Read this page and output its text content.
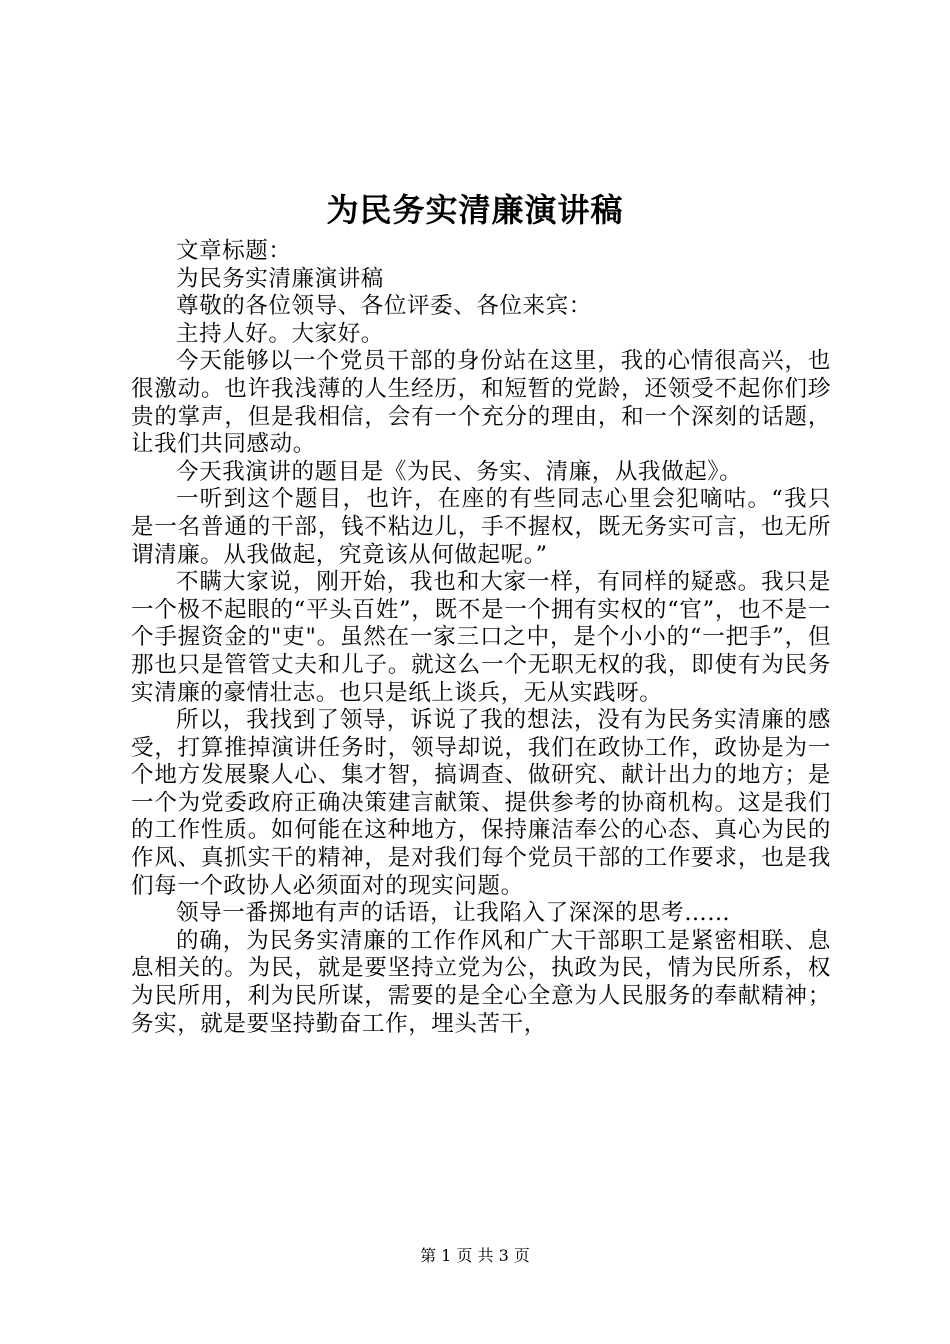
为民务实清廉演讲稿

文章标题：

为民务实清廉演讲稿

尊敬的各位领导、各位评委、各位来宾：

主持人好。大家好。

今天能够以一个党员干部的身份站在这里，我的心情很高兴，也很激动。也许我浅薄的人生经历，和短暂的党龄，还领受不起你们珍贵的掌声，但是我相信，会有一个充分的理由，和一个深刻的话题，让我们共同感动。

今天我演讲的题目是《为民、务实、清廉，从我做起》。

一听到这个题目，也许，在座的有些同志心里会犯嘀咕。“我只是一名普通的干部，钱不粘边儿，手不握权，既无务实可言，也无所谓清廉。从我做起，究竟该从何做起呢。”

不瞒大家说，刚开始，我也和大家一样，有同样的疑惑。我只是一个极不起眼的“平头百姓”，既不是一个拥有实权的“官”，也不是一个手握资金的"吏"。虽然在一家三口之中，是个小小的“一把手”，但那也只是管管丈夫和儿子。就这么一个无职无权的我，即使有为民务实清廉的豪情壮志。也只是纸上谈兵，无从实践呀。

所以，我找到了领导，诉说了我的想法，没有为民务实清廉的感受，打算推掉演讲任务时，领导却说，我们在政协工作，政协是为一个地方发展聚人心、集才智，搞调查、做研究、献计出力的地方；是一个为党委政府正确决策建言献策、提供参考的协商机构。这是我们的工作性质。如何能在这种地方，保持廉洁奉公的心态、真心为民的作风、真抓实干的精神，是对我们每个党员干部的工作要求，也是我们每一个政协人必须面对的现实问题。

领导一番掷地有声的话语，让我陷入了深深的思考……

的确，为民务实清廉的工作作风和广大干部职工是紧密相联、息息相关的。为民，就是要坚持立党为公，执政为民，情为民所系，权为民所用，利为民所谋，需要的是全心全意为人民服务的奉献精神；务实，就是要坚持勤奋工作，埋头苦干，

第 1 页 共 3 页
